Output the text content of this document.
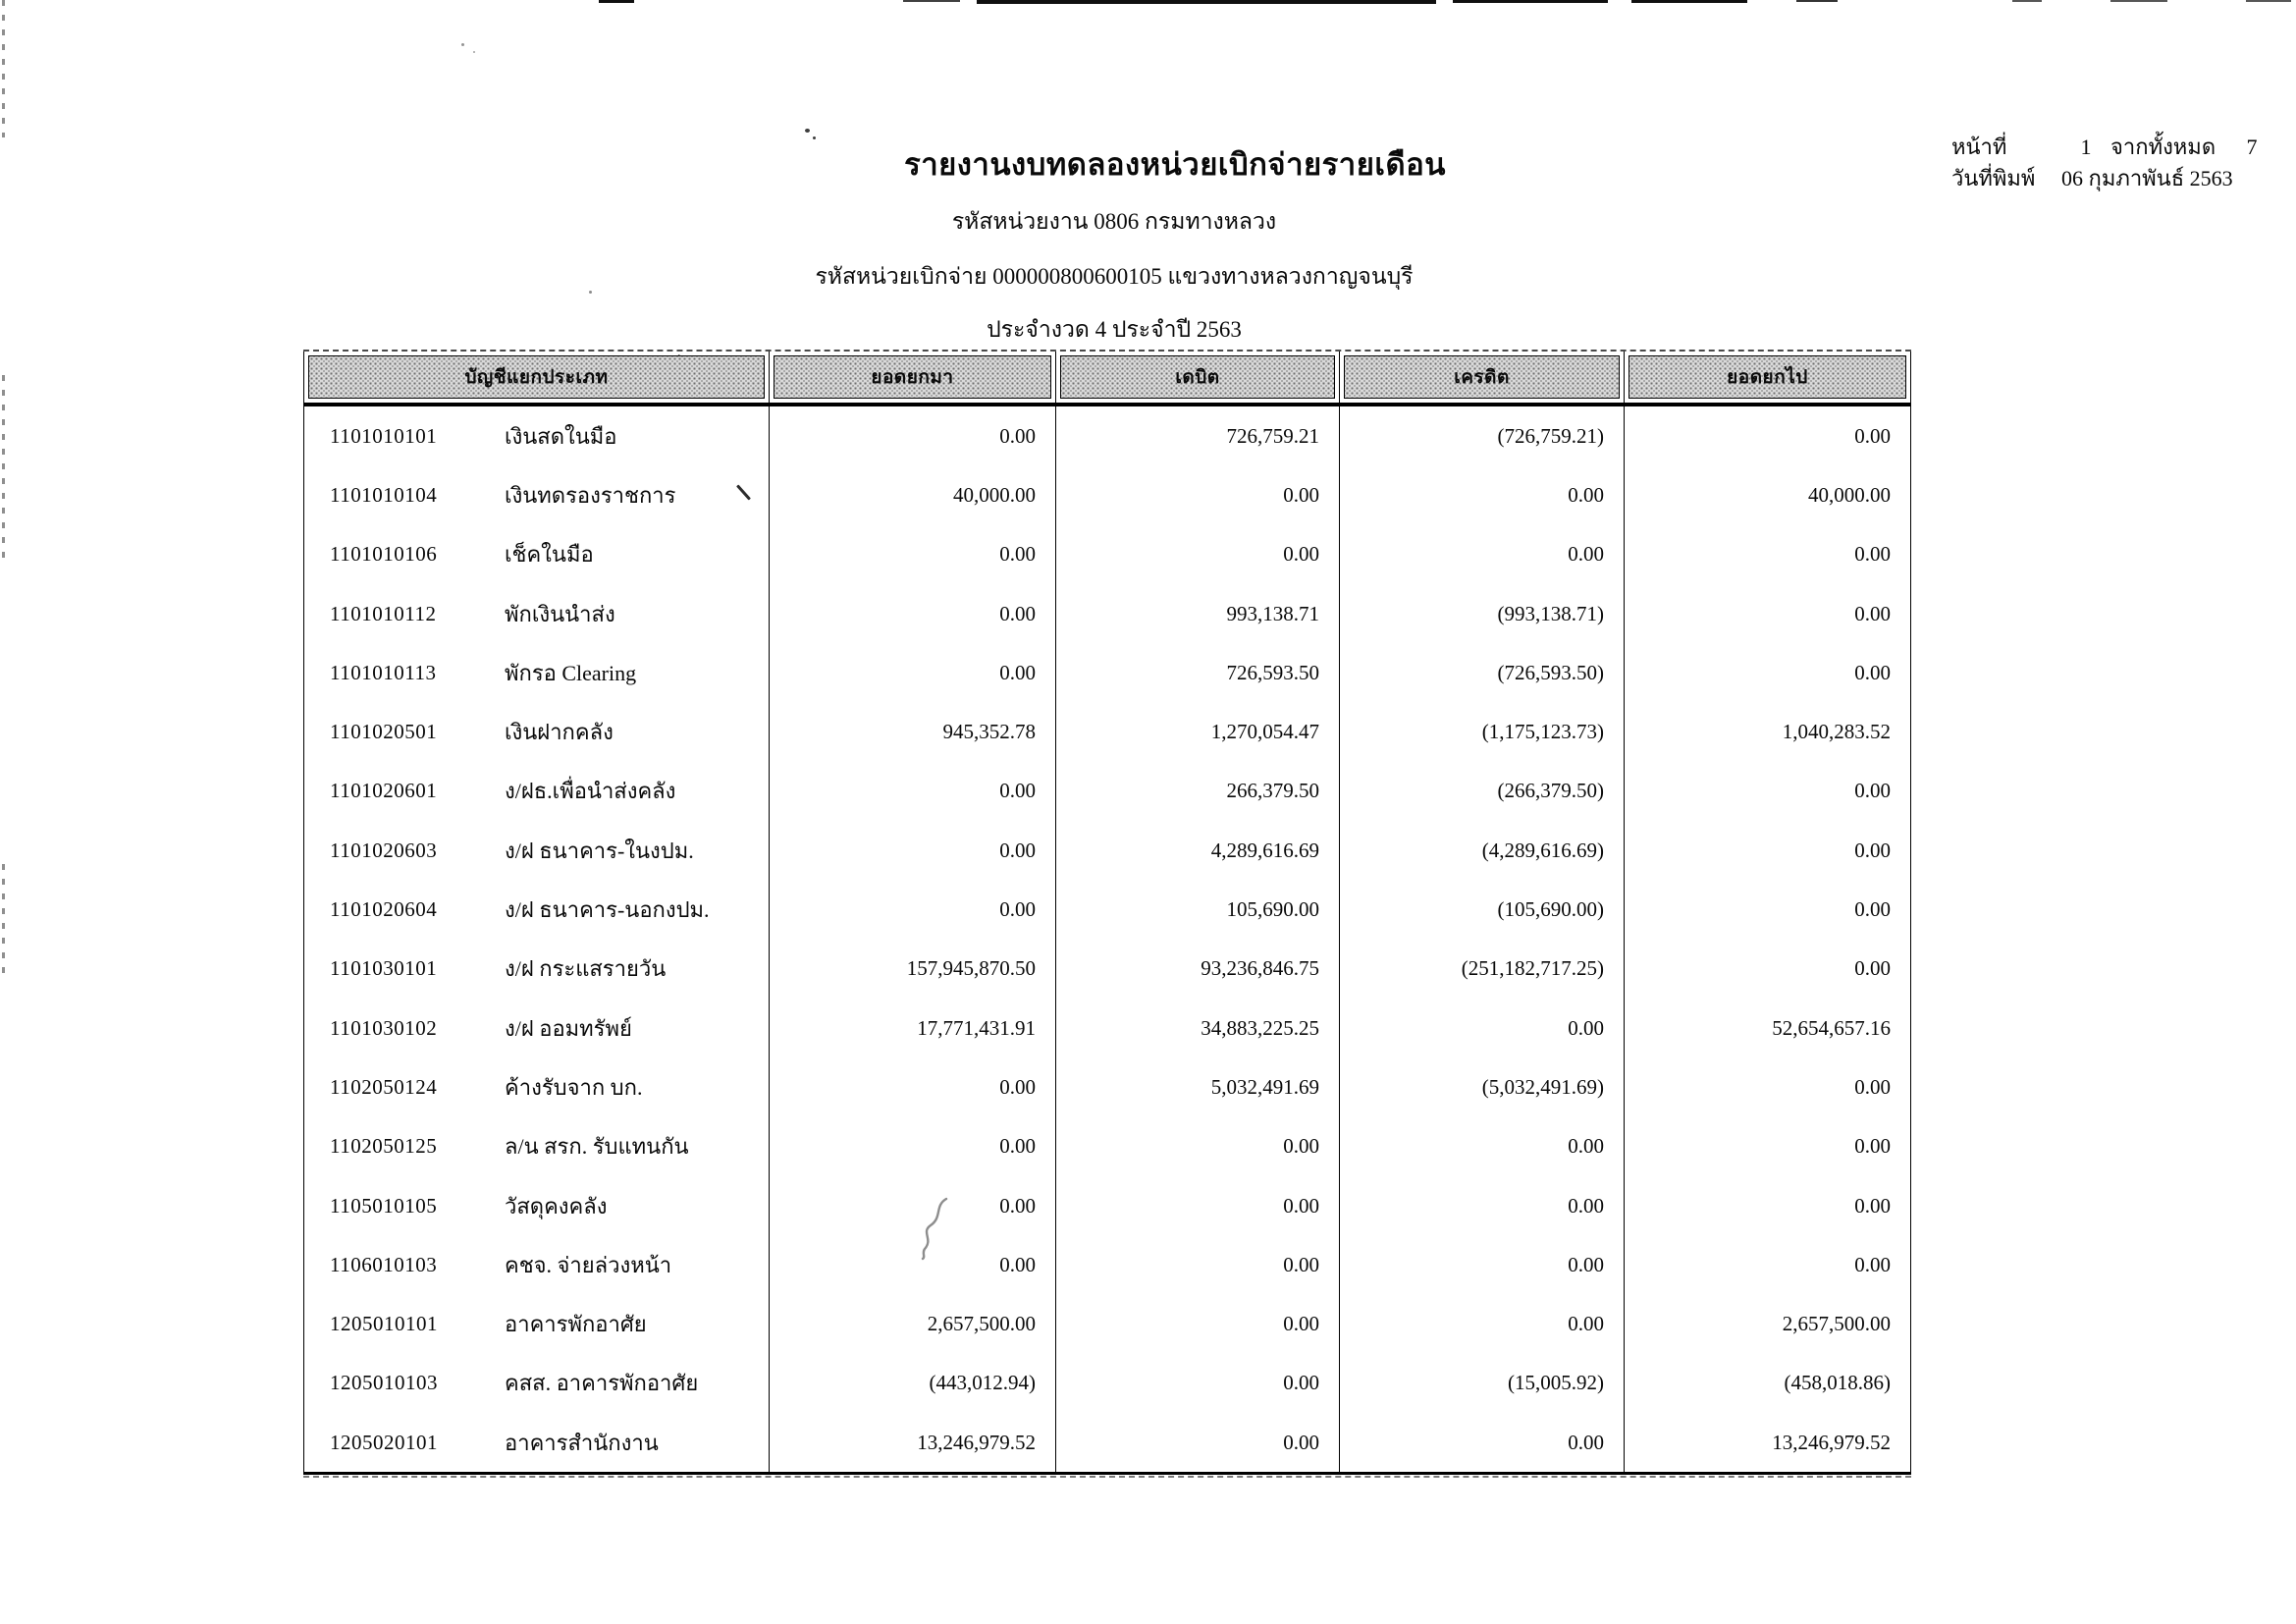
รายงานงบทดลองหน่วยเบิกจ่ายรายเดือน
รหัสหน่วยงาน 0806 กรมทางหลวง
รหัสหน่วยเบิกจ่าย 000000800600105 แขวงทางหลวงกาญจนบุรี
ประจำงวด 4 ประจำปี 2563
หน้าที่	1 จากทั้งหมด	7
วันที่พิมพ์	06 กุมภาพันธ์ 2563
บัญชีแยกประเภท	ยอดยกมา	เดบิต	เครดิต	ยอดยกไป
1101010101	เงินสดในมือ	0.00	726,759.21	(726,759.21)	0.00
1101010104	เงินทดรองราชการ	40,000.00	0.00	0.00	40,000.00
1101010106	เช็คในมือ	0.00	0.00	0.00	0.00
1101010112	พักเงินนำส่ง	0.00	993,138.71	(993,138.71)	0.00
1101010113	พักรอ Clearing	0.00	726,593.50	(726,593.50)	0.00
1101020501	เงินฝากคลัง	945,352.78	1,270,054.47	(1,175,123.73)	1,040,283.52
1101020601	ง/ฝธ.เพื่อนำส่งคลัง	0.00	266,379.50	(266,379.50)	0.00
1101020603	ง/ฝ ธนาคาร-ในงปม.	0.00	4,289,616.69	(4,289,616.69)	0.00
1101020604	ง/ฝ ธนาคาร-นอกงปม.	0.00	105,690.00	(105,690.00)	0.00
1101030101	ง/ฝ กระแสรายวัน	157,945,870.50	93,236,846.75	(251,182,717.25)	0.00
1101030102	ง/ฝ ออมทรัพย์	17,771,431.91	34,883,225.25	0.00	52,654,657.16
1102050124	ค้างรับจาก บก.	0.00	5,032,491.69	(5,032,491.69)	0.00
1102050125	ล/น สรก. รับแทนกัน	0.00	0.00	0.00	0.00
1105010105	วัสดุคงคลัง	0.00	0.00	0.00	0.00
1106010103	คชจ. จ่ายล่วงหน้า	0.00	0.00	0.00	0.00
1205010101	อาคารพักอาศัย	2,657,500.00	0.00	0.00	2,657,500.00
1205010103	คสส. อาคารพักอาศัย	(443,012.94)	0.00	(15,005.92)	(458,018.86)
1205020101	อาคารสำนักงาน	13,246,979.52	0.00	0.00	13,246,979.52
